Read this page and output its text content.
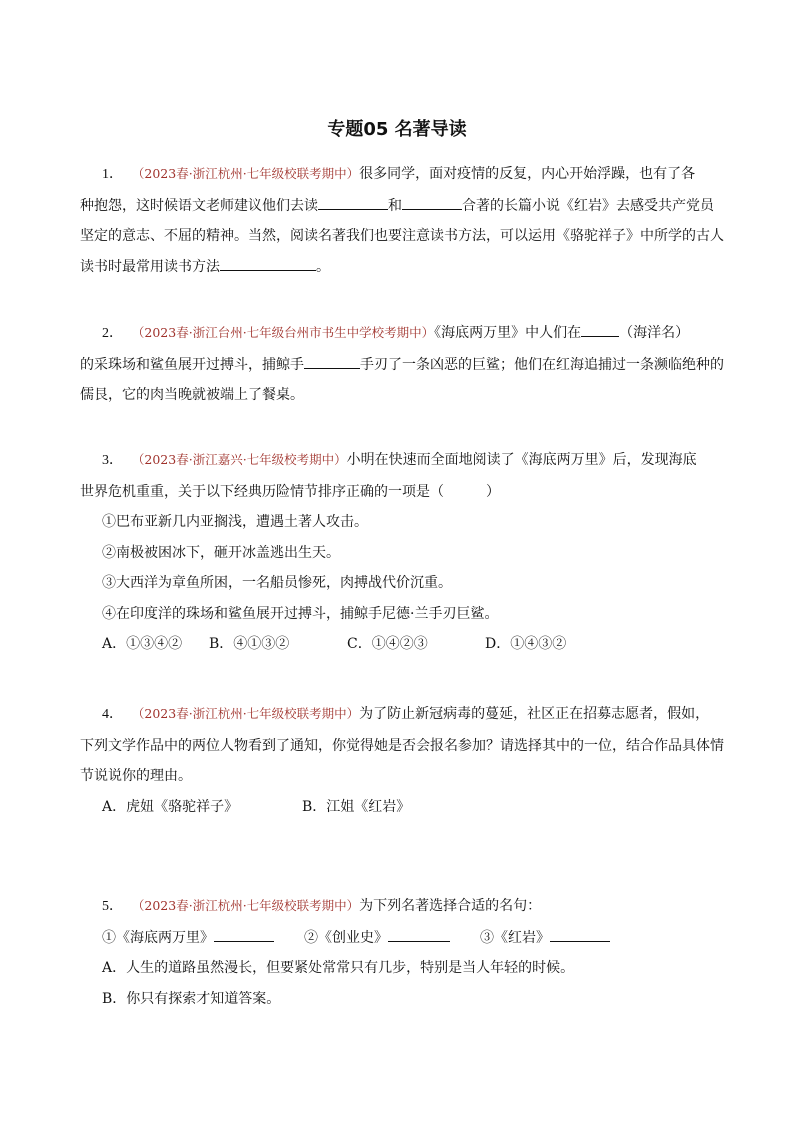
专题05 名著导读
1． （2023春·浙江杭州·七年级校联考期中）很多同学，面对疫情的反复，内心开始浮躁，也有了各
种抱怨，这时候语文老师建议他们去读	和	合著的长篇小说《红岩》去感受共产党员
坚定的意志、不屈的精神。当然，阅读名著我们也要注意读书方法，可以运用《骆驼祥子》中所学的古人
读书时最常用读书方法	。
2． （2023春·浙江台州·七年级台州市书生中学校考期中）《海底两万里》中人们在	（海洋名）
的采珠场和鲨鱼展开过搏斗，捕鲸手	手刃了一条凶恶的巨鲨；他们在红海追捕过一条濒临绝种的
儒艮，它的肉当晚就被端上了餐桌。
3． （2023春·浙江嘉兴·七年级校考期中）小明在快速而全面地阅读了《海底两万里》后，发现海底
世界危机重重，关于以下经典历险情节排序正确的一项是（　　　）
①巴布亚新几内亚搁浅，遭遇土著人攻击。
②南极被困冰下，砸开冰盖逃出生天。
③大西洋为章鱼所困，一名船员惨死，肉搏战代价沉重。
④在印度洋的珠场和鲨鱼展开过搏斗，捕鲸手尼德·兰手刃巨鲨。
A．①③④② B．④①③②	C．①④②③	D．①④③②
4． （2023春·浙江杭州·七年级校联考期中）为了防止新冠病毒的蔓延，社区正在招募志愿者，假如，
下列文学作品中的两位人物看到了通知，你觉得她是否会报名参加？请选择其中的一位，结合作品具体情
节说说你的理由。
A．虎妞《骆驼祥子》	B．江姐《红岩》
5． （2023春·浙江杭州·七年级校联考期中）为下列名著选择合适的名句：
①《海底两万里》	②《创业史》	③《红岩》
A．人生的道路虽然漫长，但要紧处常常只有几步，特别是当人年轻的时候。
B．你只有探索才知道答案。
